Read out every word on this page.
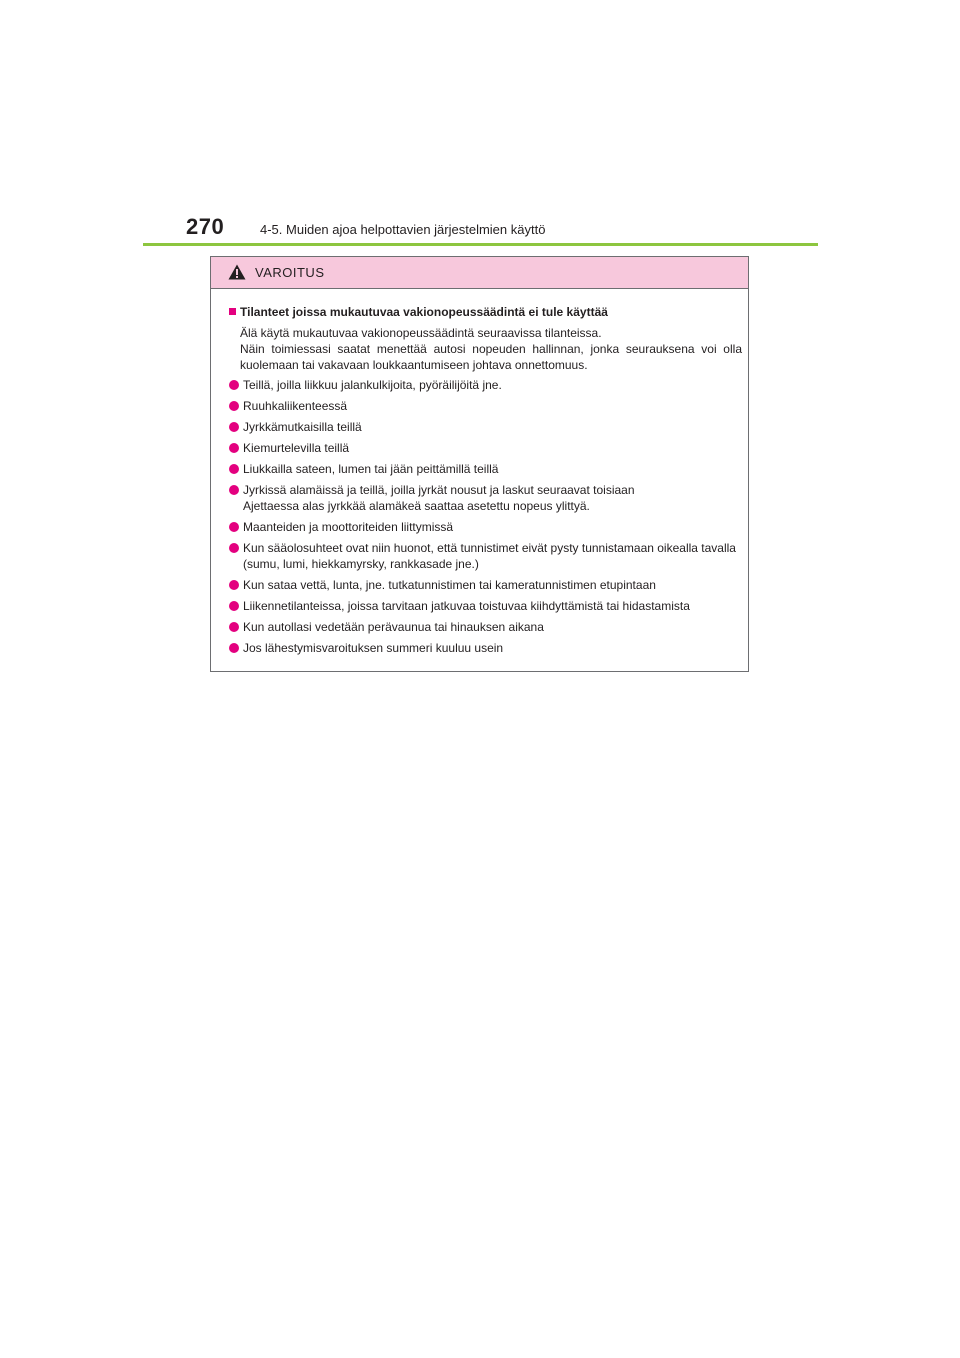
270	4-5. Muiden ajoa helpottavien järjestelmien käyttö
VAROITUS
Tilanteet joissa mukautuvaa vakionopeussäädintä ei tule käyttää

Älä käytä mukautuvaa vakionopeussäädintä seuraavissa tilanteissa.

Näin toimiessasi saatat menettää autosi nopeuden hallinnan, jonka seurauksena voi olla kuolemaan tai vakavaan loukkaantumiseen johtava onnettomuus.

Teillä, joilla liikkuu jalankulkijoita, pyöräilijöitä jne.
Ruuhkaliikenteessä
Jyrkkämutkaisilla teillä
Kiemurtelevilla teillä
Liukkailla sateen, lumen tai jään peittämillä teillä
Jyrkissä alamäissä ja teillä, joilla jyrkät nousut ja laskut seuraavat toisiaan
Ajettaessa alas jyrkkää alamäkeä saattaa asetettu nopeus ylittyä.
Maanteiden ja moottoriteiden liittymissä
Kun sääolosuhteet ovat niin huonot, että tunnistimet eivät pysty tunnistamaan oikealla tavalla (sumu, lumi, hiekkamyrsky, rankkasade jne.)
Kun sataa vettä, lunta, jne. tutkatunnistimen tai kameratunnistimen etupintaan
Liikennetilanteissa, joissa tarvitaan jatkuvaa toistuvaa kiihdyttämistä tai hidastamista
Kun autollasi vedetään perävaunua tai hinauksen aikana
Jos lähestymisvaroituksen summeri kuuluu usein
